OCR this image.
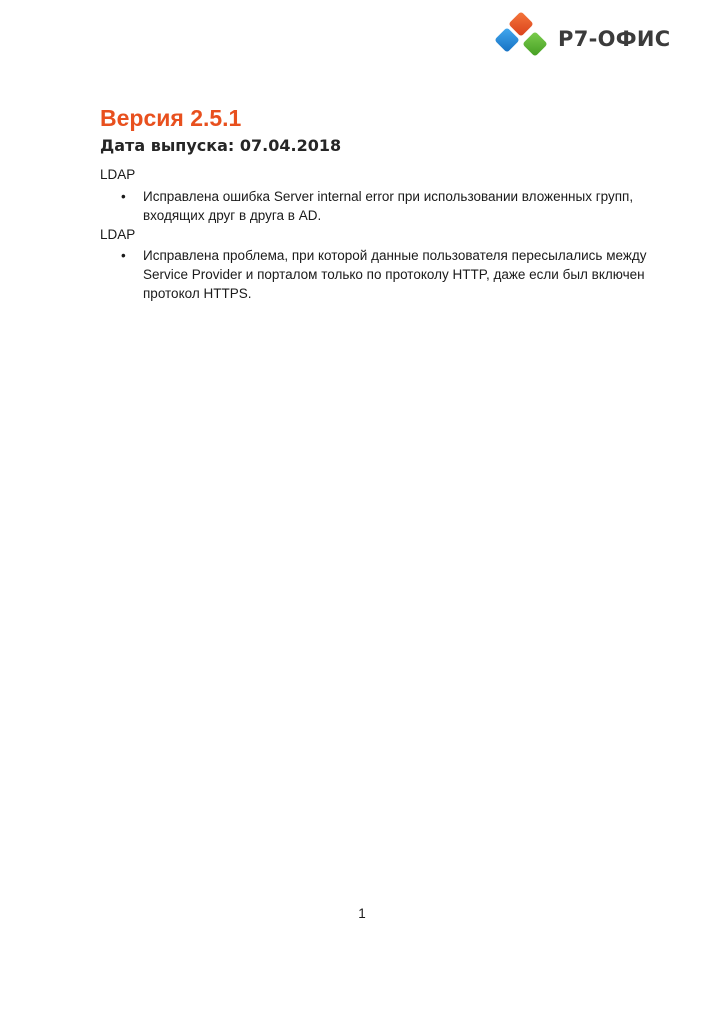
Р7-ОФИС
Версия 2.5.1
Дата выпуска: 07.04.2018
LDAP
• Исправлена ошибка Server internal error при использовании вложенных групп, входящих друг в друга в AD.
LDAP
• Исправлена проблема, при которой данные пользователя пересылались между Service Provider и порталом только по протоколу HTTP, даже если был включен протокол HTTPS.
1
